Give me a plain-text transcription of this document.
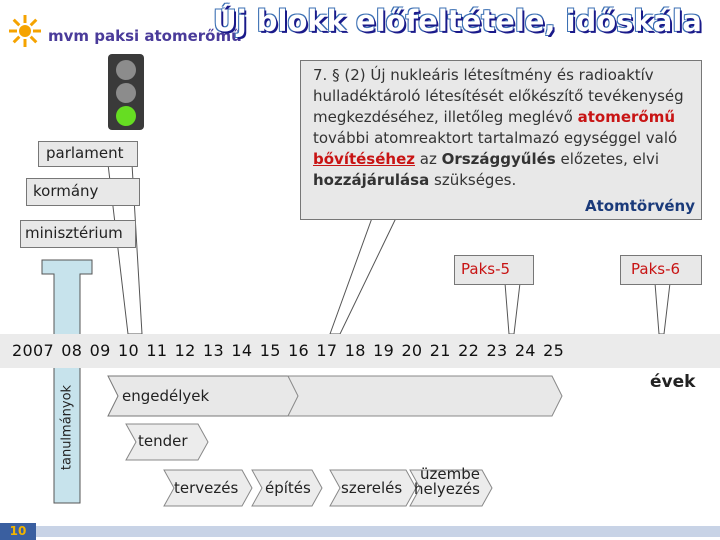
mvm paksi atomerőmű
Új blokk előfeltétele, időskála
parlament
kormány
minisztérium
7. § (2) Új nukleáris létesítmény és radioaktív hulladéktároló létesítését előkészítő tevékenység megkezdéséhez, illetőleg meglévő atomerőmű további atomreaktort tartalmazó egységgel való bővítéséhez az Országgyűlés előzetes, elvi hozzájárulása szükséges.
Atomtörvény
Paks-5	Paks-6
2007 08 09 10 11 12 13 14 15 16 17 18 19 20 21 22 23 24 25
évek
tanulmányok	engedélyek
tender
tervezés építés szerelés
üzembe
helyezés
10
